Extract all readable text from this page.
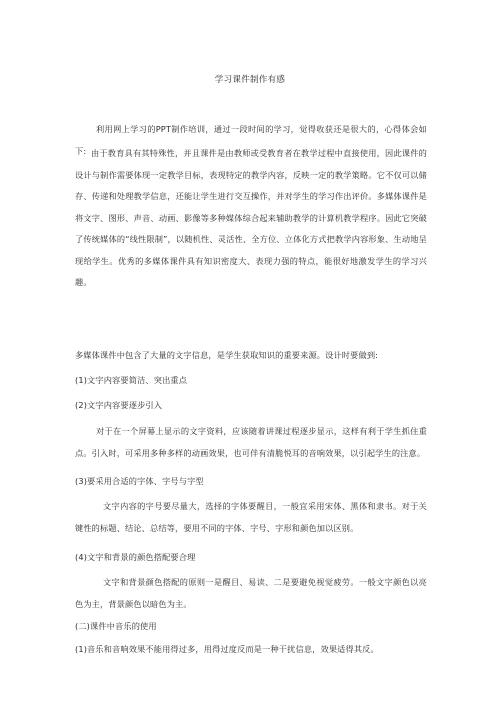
学习课件制作有感

利用网上学习的PPT制作培训，通过一段时间的学习，觉得收获还是很大的，心得体会如下: 由于教育具有其特殊性，并且课件是由教师或受教育者在教学过程中直接使用，因此课件的设计与制作需要体现一定教学目标，表现特定的教学内容，反映一定的教学策略。它不仅可以储存、传递和处理教学信息，还能让学生进行交互操作，并对学生的学习作出评价。多媒体课件是将文字、图形、声音、动画、影像等多种媒体综合起来辅助教学的计算机教学程序。因此它突破了传统媒体的“线性限制”，以随机性、灵活性、全方位、立体化方式把教学内容形象、生动地呈现给学生。优秀的多媒体课件具有知识密度大、表现力强的特点，能很好地激发学生的学习兴趣。

多媒体课件中包含了大量的文字信息，是学生获取知识的重要来源。设计时要做到:

(1)文字内容要简洁、突出重点
(2)文字内容要逐步引入

对于在一个屏幕上显示的文字资料，应该随着讲课过程逐步显示，这样有利于学生抓住重点。引入时，可采用多种多样的动画效果，也可伴有清脆悦耳的音响效果，以引起学生的注意。

(3)要采用合适的字体、字号与字型

文字内容的字号要尽量大，选择的字体要醒目，一般宜采用宋体、黑体和隶书。对于关键性的标题、结论、总结等，要用不同的字体、字号、字形和颜色加以区别。

(4)文字和背景的颜色搭配要合理

文字和背景颜色搭配的原则一是醒目、易读、二是要避免视觉疲劳。一般文字颜色以亮色为主，背景颜色以暗色为主。

(二)课件中音乐的使用
(1)音乐和音响效果不能用得过多，用得过度反而是一种干扰信息，效果适得其反。
